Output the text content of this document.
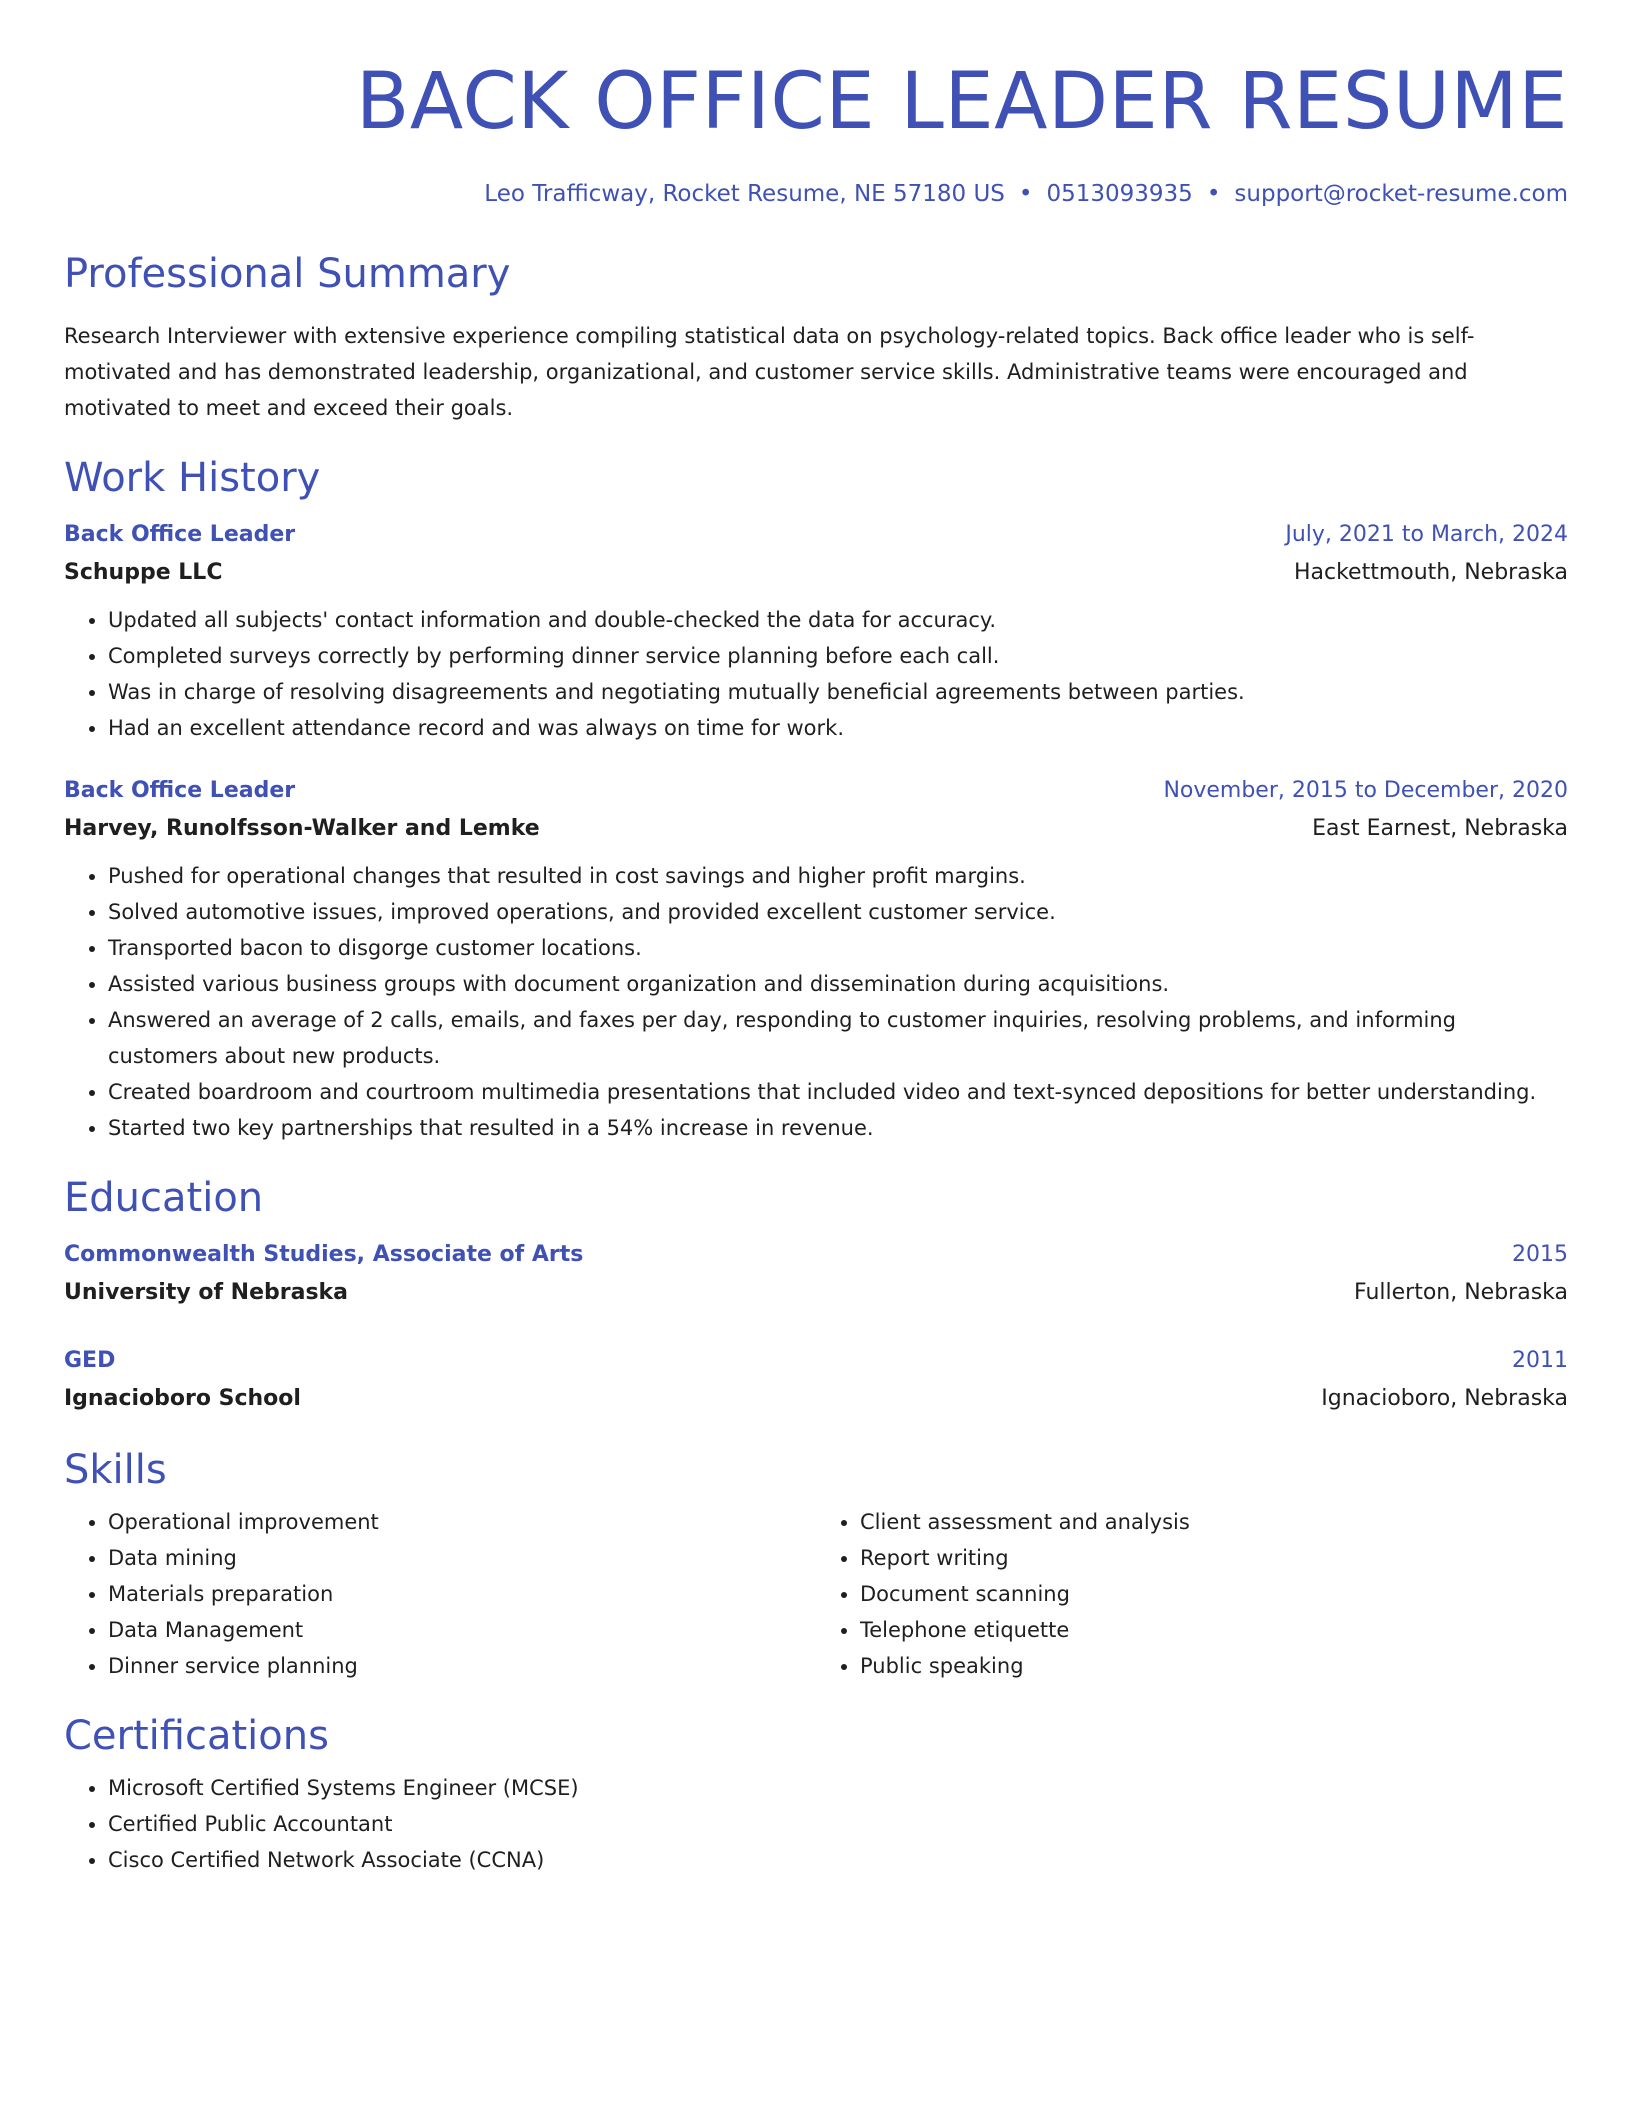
BACK OFFICE LEADER RESUME
Leo Trafficway, Rocket Resume, NE 57180 US • 0513093935 • support@rocket-resume.com
Professional Summary
Research Interviewer with extensive experience compiling statistical data on psychology-related topics. Back office leader who is self-motivated and has demonstrated leadership, organizational, and customer service skills. Administrative teams were encouraged and motivated to meet and exceed their goals.
Work History
Back Office Leader	July, 2021 to March, 2024
Schuppe LLC	Hackettmouth, Nebraska
• Updated all subjects' contact information and double-checked the data for accuracy.
• Completed surveys correctly by performing dinner service planning before each call.
• Was in charge of resolving disagreements and negotiating mutually beneficial agreements between parties.
• Had an excellent attendance record and was always on time for work.
Back Office Leader	November, 2015 to December, 2020
Harvey, Runolfsson-Walker and Lemke	East Earnest, Nebraska
• Pushed for operational changes that resulted in cost savings and higher profit margins.
• Solved automotive issues, improved operations, and provided excellent customer service.
• Transported bacon to disgorge customer locations.
• Assisted various business groups with document organization and dissemination during acquisitions.
• Answered an average of 2 calls, emails, and faxes per day, responding to customer inquiries, resolving problems, and informing customers about new products.
• Created boardroom and courtroom multimedia presentations that included video and text-synced depositions for better understanding.
• Started two key partnerships that resulted in a 54% increase in revenue.
Education
Commonwealth Studies, Associate of Arts	2015
University of Nebraska	Fullerton, Nebraska
GED	2011
Ignacioboro School	Ignacioboro, Nebraska
Skills
• Operational improvement
• Data mining
• Materials preparation
• Data Management
• Dinner service planning
• Client assessment and analysis
• Report writing
• Document scanning
• Telephone etiquette
• Public speaking
Certifications
• Microsoft Certified Systems Engineer (MCSE)
• Certified Public Accountant
• Cisco Certified Network Associate (CCNA)
